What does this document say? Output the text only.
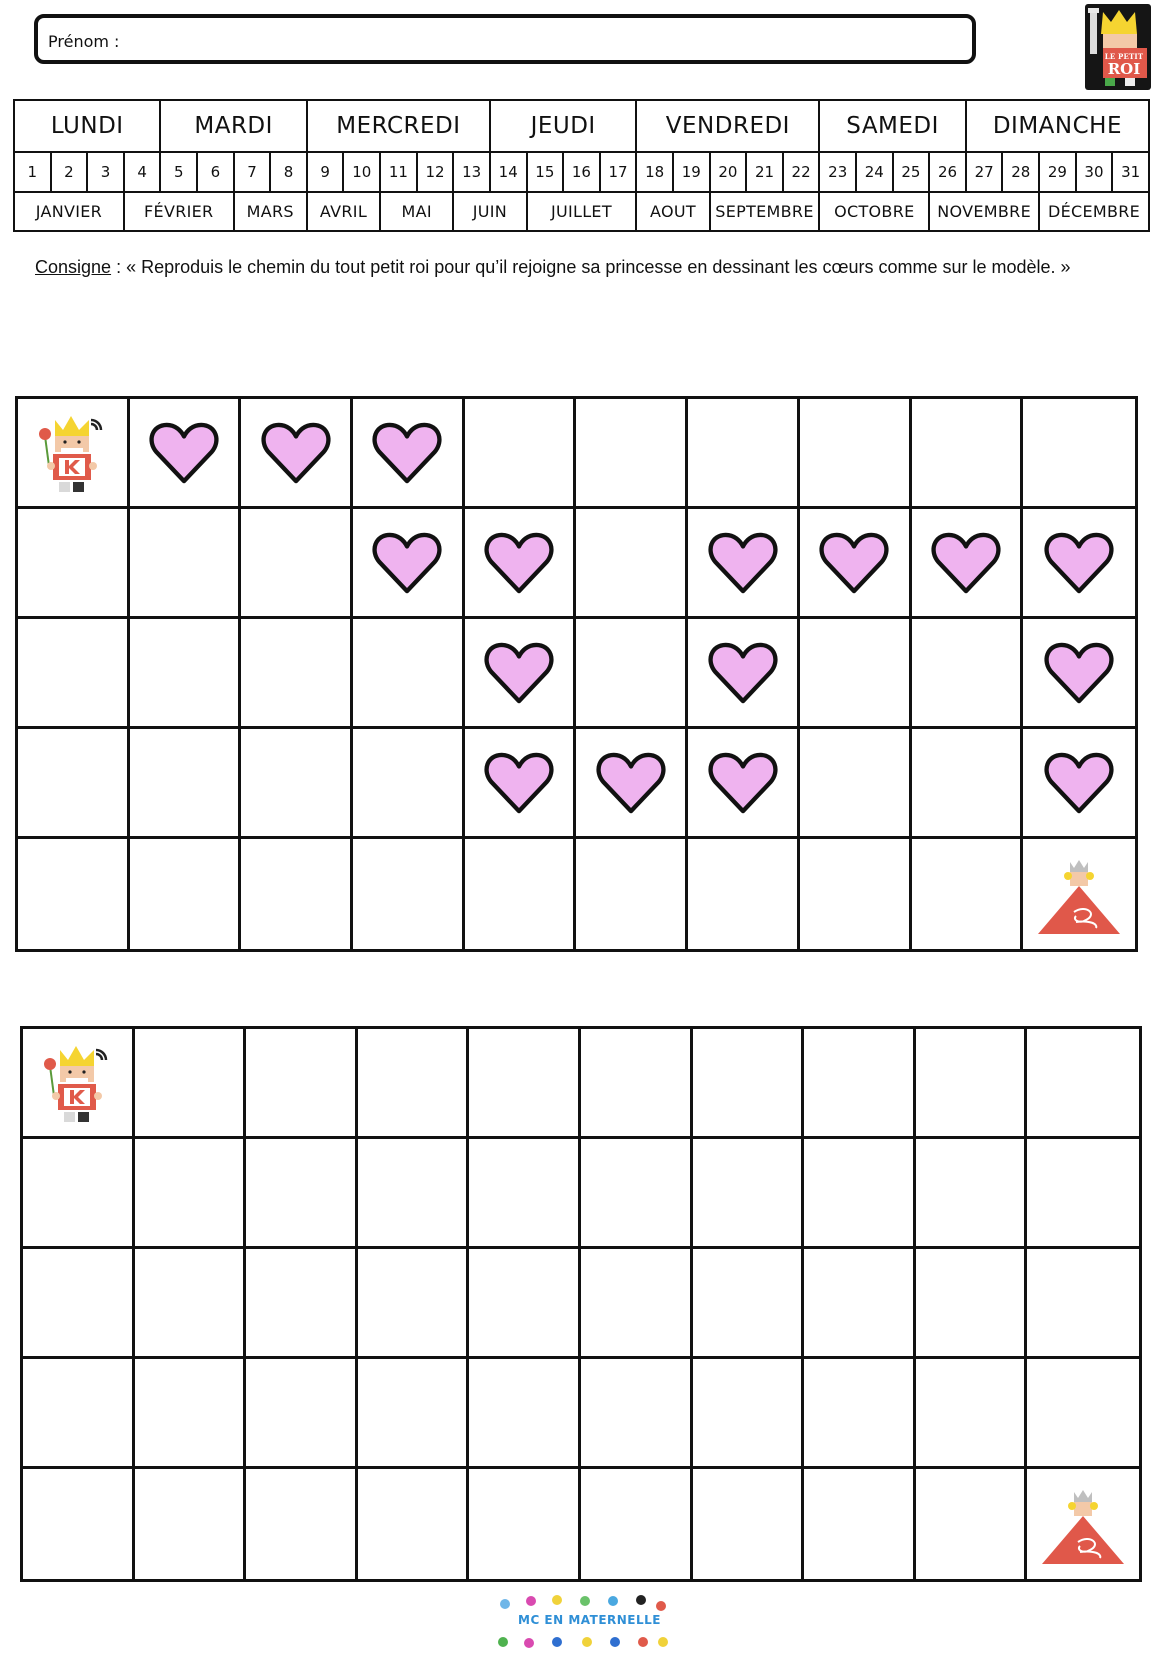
Prénom :
LE PETIT
ROI
LUNDI				MARDI				MERCREDI					JEUDI				VENDREDI					SAMEDI				DIMANCHE				
1	2	3	4	5	6	7	8	9	10	11	12	13	14	15	16	17	18	19	20	21	22	23	24	25	26	27	28	29	30	31
JANVIER			FÉVRIER			MARS		AVRIL		MAI		JUIN		JUILLET			AOUT		SEPTEMBRE			OCTOBRE			NOVEMBRE			DÉCEMBRE		
Consigne : « Reproduis le chemin du tout petit roi pour qu’il rejoigne sa princesse en dessinant les cœurs comme sur le modèle. »
MC EN MATERNELLE
